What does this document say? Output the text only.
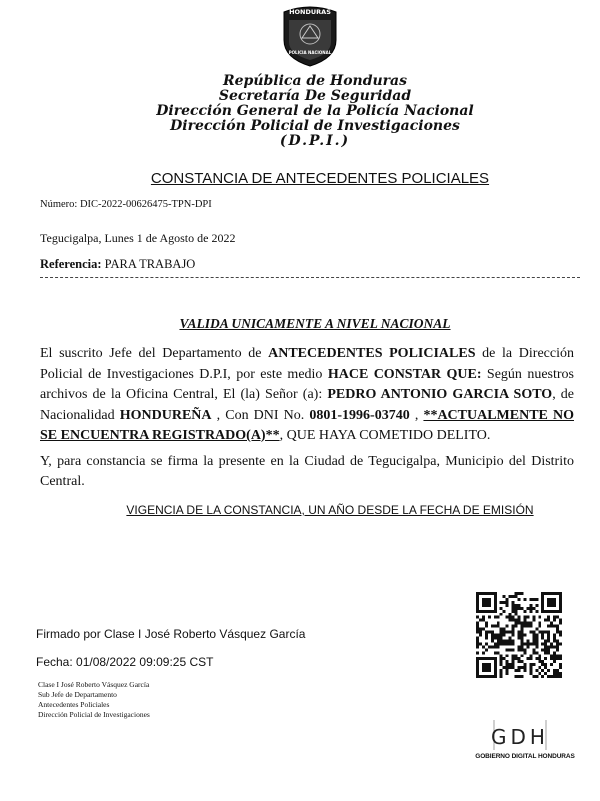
HONDURAS
POLICIA NACIONAL
República de Honduras
Secretaría De Seguridad
Dirección General de la Policía Nacional
Dirección Policial de Investigaciones
(D.P.I.)
CONSTANCIA DE ANTECEDENTES POLICIALES
Número: DIC-2022-00626475-TPN-DPI
Tegucigalpa, Lunes 1 de Agosto de 2022
Referencia: PARA TRABAJO
VALIDA UNICAMENTE A NIVEL NACIONAL
El suscrito Jefe del Departamento de ANTECEDENTES POLICIALES de la Dirección Policial de Investigaciones D.P.I, por este medio HACE CONSTAR QUE: Según nuestros archivos de la Oficina Central, El (la) Señor (a): PEDRO ANTONIO GARCIA SOTO, de Nacionalidad HONDUREÑA , Con DNI No. 0801-1996-03740 , **ACTUALMENTE NO SE ENCUENTRA REGISTRADO(A)**, QUE HAYA COMETIDO DELITO.
Y, para constancia se firma la presente en la Ciudad de Tegucigalpa, Municipio del Distrito Central.
VIGENCIA DE LA CONSTANCIA, UN AÑO DESDE LA FECHA DE EMISIÓN
Firmado por Clase I José Roberto Vásquez García
Fecha: 01/08/2022 09:09:25 CST
Clase I José Roberto Vásquez García
Sub Jefe de Departamento
Antecedentes Policiales
Dirección Policial de Investigaciones
GDH
GOBIERNO DIGITAL HONDURAS
